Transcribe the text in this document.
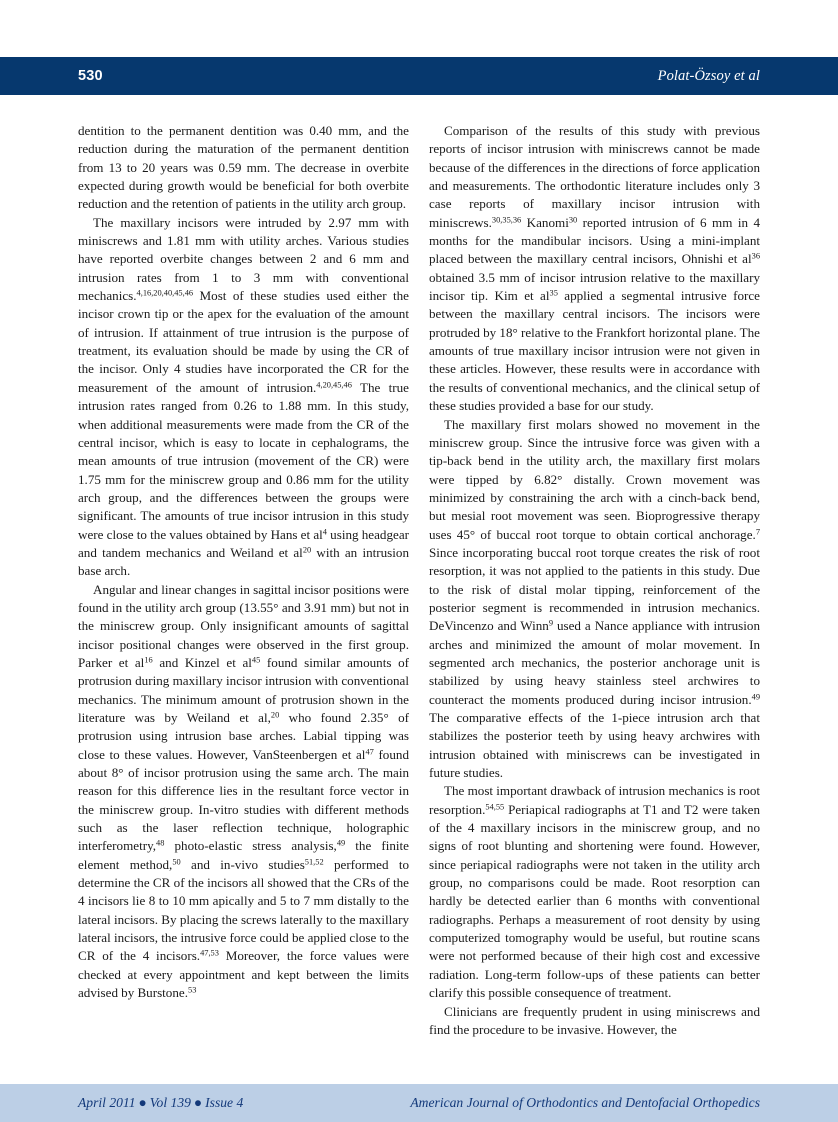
530	Polat-Özsoy et al

dentition to the permanent dentition was 0.40 mm, and the reduction during the maturation of the permanent dentition from 13 to 20 years was 0.59 mm. The decrease in overbite expected during growth would be beneficial for both overbite reduction and the retention of patients in the utility arch group.

The maxillary incisors were intruded by 2.97 mm with miniscrews and 1.81 mm with utility arches. Various studies have reported overbite changes between 2 and 6 mm and intrusion rates from 1 to 3 mm with conventional mechanics.$^{4,16,20,40,45,46}$ Most of these studies used either the incisor crown tip or the apex for the evaluation of the amount of intrusion. If attainment of true intrusion is the purpose of treatment, its evaluation should be made by using the CR of the incisor. Only 4 studies have incorporated the CR for the measurement of the amount of intrusion.$^{4,20,45,46}$ The true intrusion rates ranged from 0.26 to 1.88 mm. In this study, when additional measurements were made from the CR of the central incisor, which is easy to locate in cephalograms, the mean amounts of true intrusion (movement of the CR) were 1.75 mm for the miniscrew group and 0.86 mm for the utility arch group, and the differences between the groups were significant. The amounts of true incisor intrusion in this study were close to the values obtained by Hans et $al^4$ using headgear and tandem mechanics and Weiland et $al^{20}$ with an intrusion base arch.

Angular and linear changes in sagittal incisor positions were found in the utility arch group (13.55° and 3.91 mm) but not in the miniscrew group. Only insignificant amounts of sagittal incisor positional changes were observed in the first group. Parker et $al^{16}$ and Kinzel et $al^{45}$ found similar amounts of protrusion during maxillary incisor intrusion with conventional mechanics. The minimum amount of protrusion shown in the literature was by Weiland et al,$^{20}$ who found 2.35° of protrusion using intrusion base arches. Labial tipping was close to these values. However, VanSteenbergen et $al^{47}$ found about 8° of incisor protrusion using the same arch. The main reason for this difference lies in the resultant force vector in the miniscrew group. In-vitro studies with different methods such as the laser reflection technique, holographic interferometry,$^{48}$ photo-elastic stress analysis,$^{49}$ the finite element method,$^{50}$ and in-vivo studies$^{51,52}$ performed to determine the CR of the incisors all showed that the CRs of the 4 incisors lie 8 to 10 mm apically and 5 to 7 mm distally to the lateral incisors. By placing the screws laterally to the maxillary lateral incisors, the intrusive force could be applied close to the CR of the 4 incisors.$^{47,53}$ Moreover, the force values were checked at every appointment and kept between the limits advised by Burstone.$^{53}$

Comparison of the results of this study with previous reports of incisor intrusion with miniscrews cannot be made because of the differences in the directions of force application and measurements. The orthodontic literature includes only 3 case reports of maxillary incisor intrusion with miniscrews.$^{30,35,36}$ Kanomi$^{30}$ reported intrusion of 6 mm in 4 months for the mandibular incisors. Using a mini-implant placed between the maxillary central incisors, Ohnishi et $al^{36}$ obtained 3.5 mm of incisor intrusion relative to the maxillary incisor tip. Kim et $al^{35}$ applied a segmental intrusive force between the maxillary central incisors. The incisors were protruded by 18° relative to the Frankfort horizontal plane. The amounts of true maxillary incisor intrusion were not given in these articles. However, these results were in accordance with the results of conventional mechanics, and the clinical setup of these studies provided a base for our study.

The maxillary first molars showed no movement in the miniscrew group. Since the intrusive force was given with a tip-back bend in the utility arch, the maxillary first molars were tipped by 6.82° distally. Crown movement was minimized by constraining the arch with a cinch-back bend, but mesial root movement was seen. Bioprogressive therapy uses 45° of buccal root torque to obtain cortical anchorage.$^7$ Since incorporating buccal root torque creates the risk of root resorption, it was not applied to the patients in this study. Due to the risk of distal molar tipping, reinforcement of the posterior segment is recommended in intrusion mechanics. DeVincenzo and Winn$^9$ used a Nance appliance with intrusion arches and minimized the amount of molar movement. In segmented arch mechanics, the posterior anchorage unit is stabilized by using heavy stainless steel archwires to counteract the moments produced during incisor intrusion.$^{49}$ The comparative effects of the 1-piece intrusion arch that stabilizes the posterior teeth by using heavy archwires with intrusion obtained with miniscrews can be investigated in future studies.

The most important drawback of intrusion mechanics is root resorption.$^{54,55}$ Periapical radiographs at T1 and T2 were taken of the 4 maxillary incisors in the miniscrew group, and no signs of root blunting and shortening were found. However, since periapical radiographs were not taken in the utility arch group, no comparisons could be made. Root resorption can hardly be detected earlier than 6 months with conventional radiographs. Perhaps a measurement of root density by using computerized tomography would be useful, but routine scans were not performed because of their high cost and excessive radiation. Long-term follow-ups of these patients can better clarify this possible consequence of treatment.

Clinicians are frequently prudent in using miniscrews and find the procedure to be invasive. However, the

April 2011 ● Vol 139 ● Issue 4	American Journal of Orthodontics and Dentofacial Orthopedics
